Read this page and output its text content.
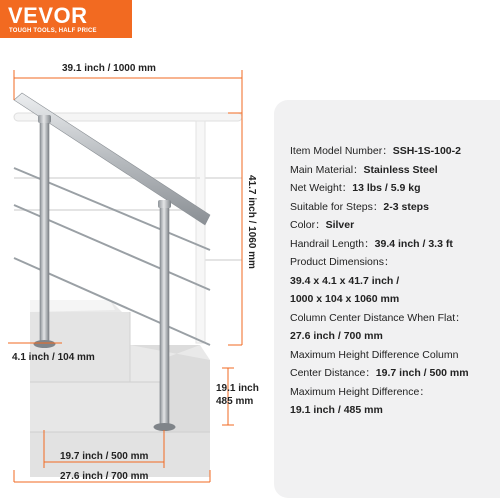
VEVOR
TOUGH TOOLS, HALF PRICE
39.1 inch / 1000 mm
41.7 inch / 1060 mm
4.1 inch / 104 mm
19.1 inch
485 mm
19.7 inch / 500 mm
27.6 inch / 700 mm
Item Model Number：SSH-1S-100-2
Main Material：Stainless Steel
Net Weight：13 lbs / 5.9 kg
Suitable for Steps：2-3 steps
Color：Silver
Handrail Length：39.4 inch / 3.3 ft
Product Dimensions：
39.4 x 4.1 x 41.7 inch /
1000 x 104 x 1060 mm
Column Center Distance When Flat：
27.6 inch / 700 mm
Maximum Height Difference Column
Center Distance：19.7 inch / 500 mm
Maximum Height Difference：
19.1 inch / 485 mm
